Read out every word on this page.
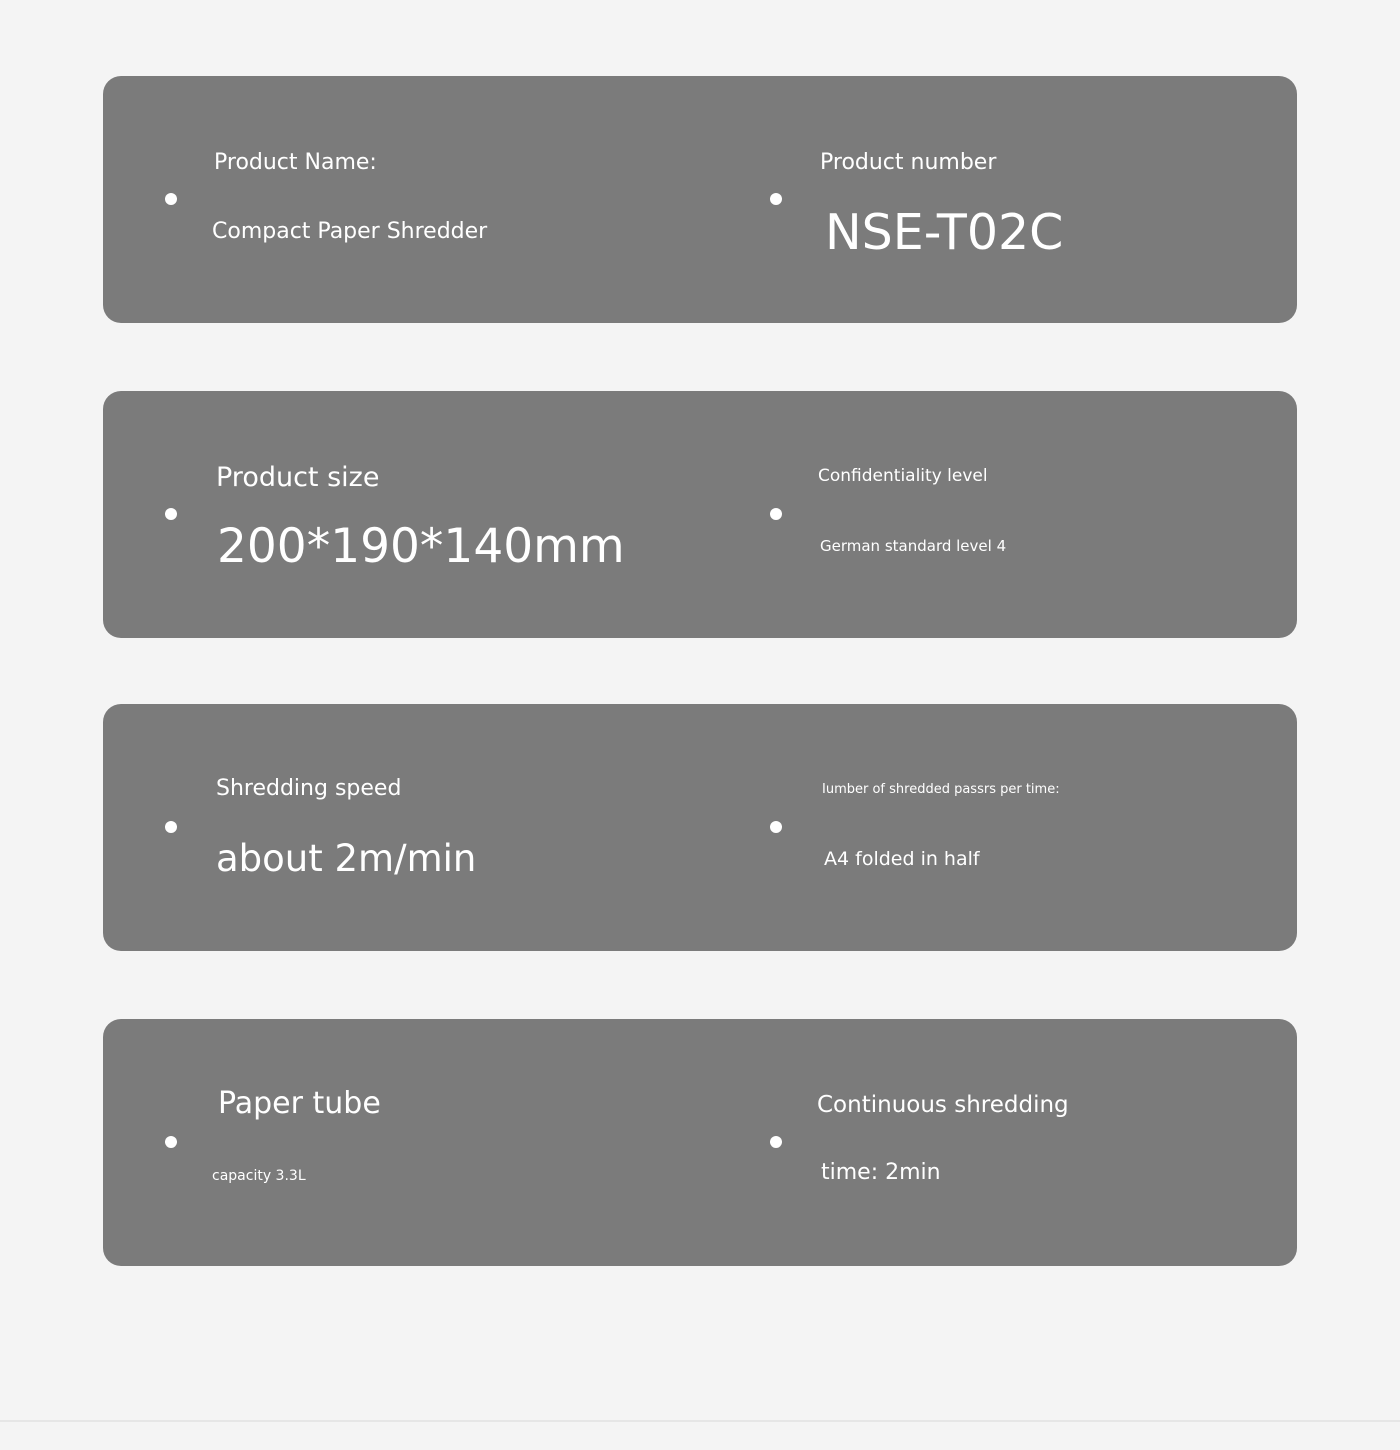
Product Name:
Compact Paper Shredder
Product number
NSE-T02C
Product size
200*190*140mm
Confidentiality level
German standard level 4
Shredding speed
about 2m/min
Iumber of shredded passrs per time:
A4 folded in half
Paper tube
capacity 3.3L
Continuous shredding
time: 2min
